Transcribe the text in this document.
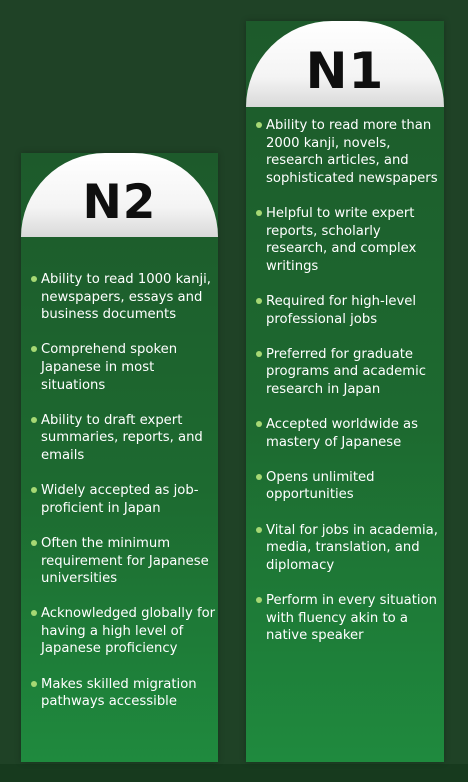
N2
Ability to read 1000 kanji, newspapers, essays and business documents
Comprehend spoken Japanese in most situations
Ability to draft expert summaries, reports, and emails
Widely accepted as job-proficient in Japan
Often the minimum requirement for Japanese universities
Acknowledged globally for having a high level of Japanese proficiency
Makes skilled migration pathways accessible
N1
Ability to read more than 2000 kanji, novels, research articles, and sophisticated newspapers
Helpful to write expert reports, scholarly research, and complex writings
Required for high-level professional jobs
Preferred for graduate programs and academic research in Japan
Accepted worldwide as mastery of Japanese
Opens unlimited opportunities
Vital for jobs in academia, media, translation, and diplomacy
Perform in every situation with fluency akin to a native speaker
